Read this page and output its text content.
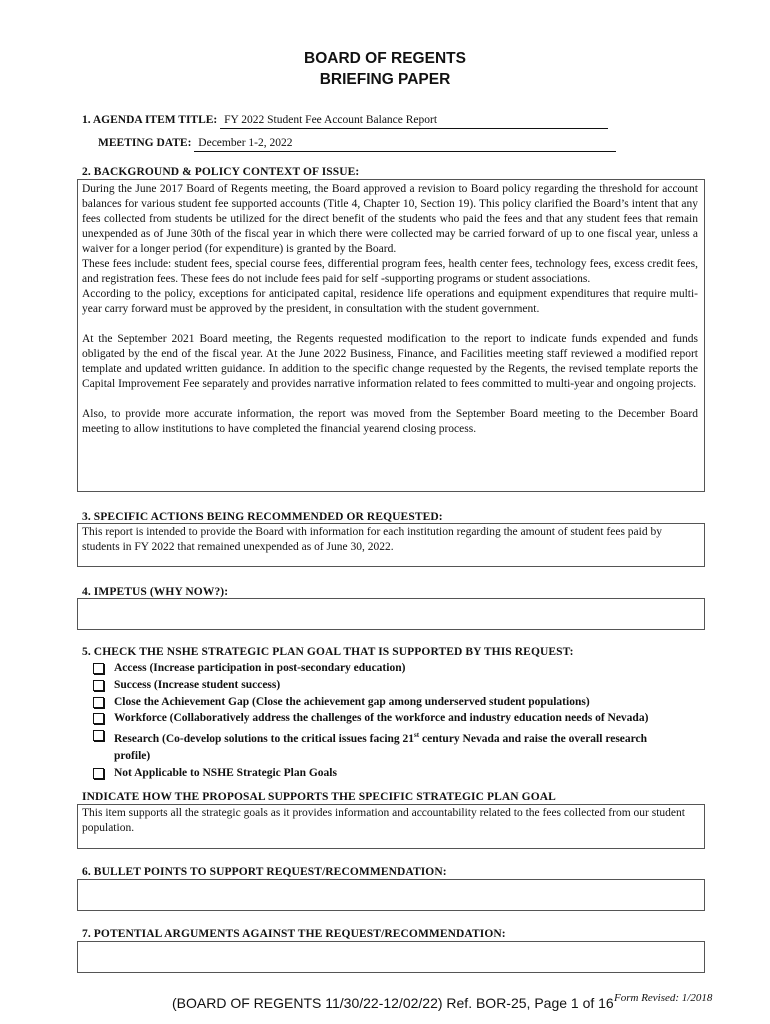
BOARD OF REGENTS
BRIEFING PAPER
1. AGENDA ITEM TITLE: FY 2022 Student Fee Account Balance Report
MEETING DATE: December 1-2, 2022
2. BACKGROUND & POLICY CONTEXT OF ISSUE:

During the June 2017 Board of Regents meeting, the Board approved a revision to Board policy regarding the threshold for account balances for various student fee supported accounts (Title 4, Chapter 10, Section 19). This policy clarified the Board’s intent that any fees collected from students be utilized for the direct benefit of the students who paid the fees and that any student fees that remain unexpended as of June 30th of the fiscal year in which there were collected may be carried forward of up to one fiscal year, unless a waiver for a longer period (for expenditure) is granted by the Board.

These fees include: student fees, special course fees, differential program fees, health center fees, technology fees, excess credit fees, and registration fees. These fees do not include fees paid for self -supporting programs or student associations.

According to the policy, exceptions for anticipated capital, residence life operations and equipment expenditures that require multi-year carry forward must be approved by the president, in consultation with the student government.

At the September 2021 Board meeting, the Regents requested modification to the report to indicate funds expended and funds obligated by the end of the fiscal year. At the June 2022 Business, Finance, and Facilities meeting staff reviewed a modified report template and updated written guidance. In addition to the specific change requested by the Regents, the revised template reports the Capital Improvement Fee separately and provides narrative information related to fees committed to multi-year and ongoing projects.

Also, to provide more accurate information, the report was moved from the September Board meeting to the December Board meeting to allow institutions to have completed the financial yearend closing process.

3. SPECIFIC ACTIONS BEING RECOMMENDED OR REQUESTED:
This report is intended to provide the Board with information for each institution regarding the amount of student fees paid by students in FY 2022 that remained unexpended as of June 30, 2022.
4. IMPETUS (WHY NOW?):
5. CHECK THE NSHE STRATEGIC PLAN GOAL THAT IS SUPPORTED BY THIS REQUEST:
Access (Increase participation in post-secondary education)
Success (Increase student success)
Close the Achievement Gap (Close the achievement gap among underserved student populations)
Workforce (Collaboratively address the challenges of the workforce and industry education needs of Nevada)
Research (Co-develop solutions to the critical issues facing 21st century Nevada and raise the overall research profile)
Not Applicable to NSHE Strategic Plan Goals
INDICATE HOW THE PROPOSAL SUPPORTS THE SPECIFIC STRATEGIC PLAN GOAL
This item supports all the strategic goals as it provides information and accountability related to the fees collected from our student population.
6. BULLET POINTS TO SUPPORT REQUEST/RECOMMENDATION:
7. POTENTIAL ARGUMENTS AGAINST THE REQUEST/RECOMMENDATION:
(BOARD OF REGENTS 11/30/22-12/02/22) Ref. BOR-25, Page 1 of 16 Form Revised: 1/2018
